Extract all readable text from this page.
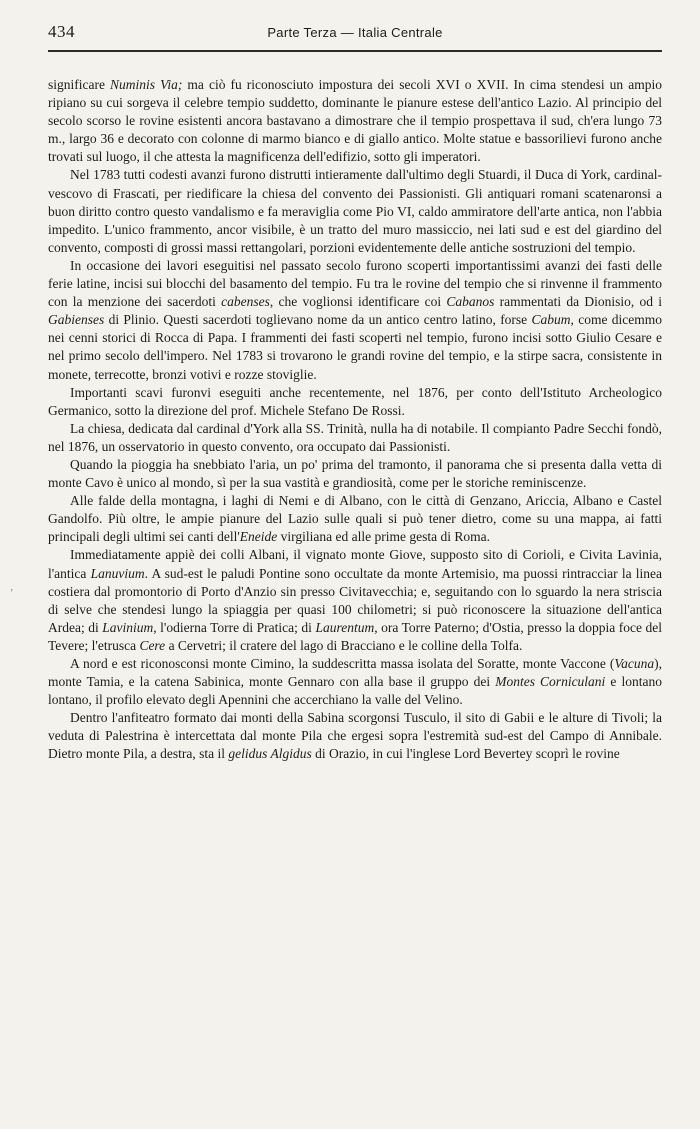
434	Parte Terza — Italia Centrale
ʼ

significare Numinis Via; ma ciò fu riconosciuto impostura dei secoli XVI o XVII. In cima stendesi un ampio ripiano su cui sorgeva il celebre tempio suddetto, dominante le pianure estese dell'antico Lazio. Al principio del secolo scorso le rovine esistenti ancora bastavano a dimostrare che il tempio prospettava il sud, ch'era lungo 73 m., largo 36 e decorato con colonne di marmo bianco e di giallo antico. Molte statue e bassorilievi furono anche trovati sul luogo, il che attesta la magnificenza dell'edifizio, sotto gli imperatori.

Nel 1783 tutti codesti avanzi furono distrutti intieramente dall'ultimo degli Stuardi, il Duca di York, cardinal-vescovo di Frascati, per riedificare la chiesa del convento dei Passionisti. Gli antiquari romani scatenaronsi a buon diritto contro questo vandalismo e fa meraviglia come Pio VI, caldo ammiratore dell'arte antica, non l'abbia impedito. L'unico frammento, ancor visibile, è un tratto del muro massiccio, nei lati sud e est del giardino del convento, composti di grossi massi rettangolari, porzioni evidentemente delle antiche sostruzioni del tempio.

In occasione dei lavori eseguitisi nel passato secolo furono scoperti importantissimi avanzi dei fasti delle ferie latine, incisi sui blocchi del basamento del tempio. Fu tra le rovine del tempio che si rinvenne il frammento con la menzione dei sacerdoti cabenses, che voglionsi identificare coi Cabanos rammentati da Dionisio, od i Gabienses di Plinio. Questi sacerdoti toglievano nome da un antico centro latino, forse Cabum, come dicemmo nei cenni storici di Rocca di Papa. I frammenti dei fasti scoperti nel tempio, furono incisi sotto Giulio Cesare e nel primo secolo dell'impero. Nel 1783 si trovarono le grandi rovine del tempio, e la stirpe sacra, consistente in monete, terrecotte, bronzi votivi e rozze stoviglie.

Importanti scavi furonvi eseguiti anche recentemente, nel 1876, per conto dell'Istituto Archeologico Germanico, sotto la direzione del prof. Michele Stefano De Rossi.

La chiesa, dedicata dal cardinal d'York alla SS. Trinità, nulla ha di notabile. Il compianto Padre Secchi fondò, nel 1876, un osservatorio in questo convento, ora occupato dai Passionisti.

Quando la pioggia ha snebbiato l'aria, un po' prima del tramonto, il panorama che si presenta dalla vetta di monte Cavo è unico al mondo, sì per la sua vastità e grandiosità, come per le storiche reminiscenze.

Alle falde della montagna, i laghi di Nemi e di Albano, con le città di Genzano, Ariccia, Albano e Castel Gandolfo. Più oltre, le ampie pianure del Lazio sulle quali si può tener dietro, come su una mappa, ai fatti principali degli ultimi sei canti dell'Eneide virgiliana ed alle prime gesta di Roma.

Immediatamente appiè dei colli Albani, il vignato monte Giove, supposto sito di Corioli, e Civita Lavinia, l'antica Lanuvium. A sud-est le paludi Pontine sono occultate da monte Artemisio, ma puossi rintracciar la linea costiera dal promontorio di Porto d'Anzio sin presso Civitavecchia; e, seguitando con lo sguardo la nera striscia di selve che stendesi lungo la spiaggia per quasi 100 chilometri; si può riconoscere la situazione dell'antica Ardea; di Lavinium, l'odierna Torre di Pratica; di Laurentum, ora Torre Paterno; d'Ostia, presso la doppia foce del Tevere; l'etrusca Cere a Cervetri; il cratere del lago di Bracciano e le colline della Tolfa.

A nord e est riconosconsi monte Cimino, la suddescritta massa isolata del Soratte, monte Vaccone (Vacuna), monte Tamia, e la catena Sabinica, monte Gennaro con alla base il gruppo dei Montes Corniculani e lontano lontano, il profilo elevato degli Apennini che accerchiano la valle del Velino.

Dentro l'anfiteatro formato dai monti della Sabina scorgonsi Tusculo, il sito di Gabii e le alture di Tivoli; la veduta di Palestrina è intercettata dal monte Pila che ergesi sopra l'estremità sud-est del Campo di Annibale. Dietro monte Pila, a destra, sta il gelidus Algidus di Orazio, in cui l'inglese Lord Bevertey scoprì le rovine
